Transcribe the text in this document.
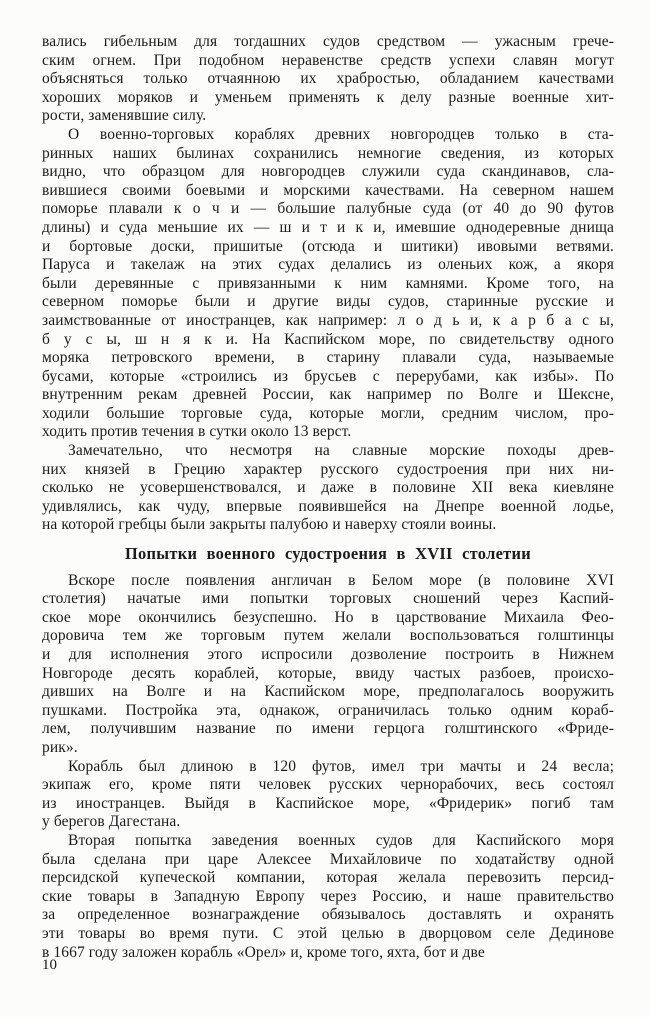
вались гибельным для тогдашних судов средством — ужасным грече-
ским огнем. При подобном неравенстве средств успехи славян могут
объясняться только отчаянною их храбростью, обладанием качествами
хороших моряков и уменьем применять к делу разные военные хит-
рости, заменявшие силу.
О военно-торговых кораблях древних новгородцев только в ста-
ринных наших былинах сохранились немногие сведения, из которых
видно, что образцом для новгородцев служили суда скандинавов, сла-
вившиеся своими боевыми и морскими качествами. На северном нашем
поморье плавали к о ч и — большие палубные суда (от 40 до 90 футов
длины) и суда меньшие их — ш и т и к и, имевшие однодеревные днища
и бортовые доски, пришитые (отсюда и шитики) ивовыми ветвями.
Паруса и такелаж на этих судах делались из оленьих кож, а якоря
были деревянные с привязанными к ним камнями. Кроме того, на
северном поморье были и другие виды судов, старинные русские и
заимствованные от иностранцев, как например: л о д ь и, к а р б а с ы,
б у с ы, ш н я к и. На Каспийском море, по свидетельству одного
моряка петровского времени, в старину плавали суда, называемые
бусами, которые «строились из брусьев с перерубами, как избы». По
внутренним рекам древней России, как например по Волге и Шексне,
ходили большие торговые суда, которые могли, средним числом, про-
ходить против течения в сутки около 13 верст.
Замечательно, что несмотря на славные морские походы древ-
них князей в Грецию характер русского судостроения при них ни-
сколько не усовершенствовался, и даже в половине XII века киевляне
удивлялись, как чуду, впервые появившейся на Днепре военной лодье,
на которой гребцы были закрыты палубою и наверху стояли воины.
Попытки военного судостроения в XVII столетии
Вскоре после появления англичан в Белом море (в половине XVI
столетия) начатые ими попытки торговых сношений через Каспий-
ское море окончились безуспешно. Но в царствование Михаила Фео-
доровича тем же торговым путем желали воспользоваться голштинцы
и для исполнения этого испросили дозволение построить в Нижнем
Новгороде десять кораблей, которые, ввиду частых разбоев, происхо-
дивших на Волге и на Каспийском море, предполагалось вооружить
пушками. Постройка эта, однакож, ограничилась только одним кораб-
лем, получившим название по имени герцога голштинского «Фриде-
рик».
Корабль был длиною в 120 футов, имел три мачты и 24 весла;
экипаж его, кроме пяти человек русских чернорабочих, весь состоял
из иностранцев. Выйдя в Каспийское море, «Фридерик» погиб там
у берегов Дагестана.
Вторая попытка заведения военных судов для Каспийского моря
была сделана при царе Алексее Михайловиче по ходатайству одной
персидской купеческой компании, которая желала перевозить персид-
ские товары в Западную Европу через Россию, и наше правительство
за определенное вознаграждение обязывалось доставлять и охранять
эти товары во время пути. С этой целью в дворцовом селе Дединове
в 1667 году заложен корабль «Орел» и, кроме того, яхта, бот и две
10
